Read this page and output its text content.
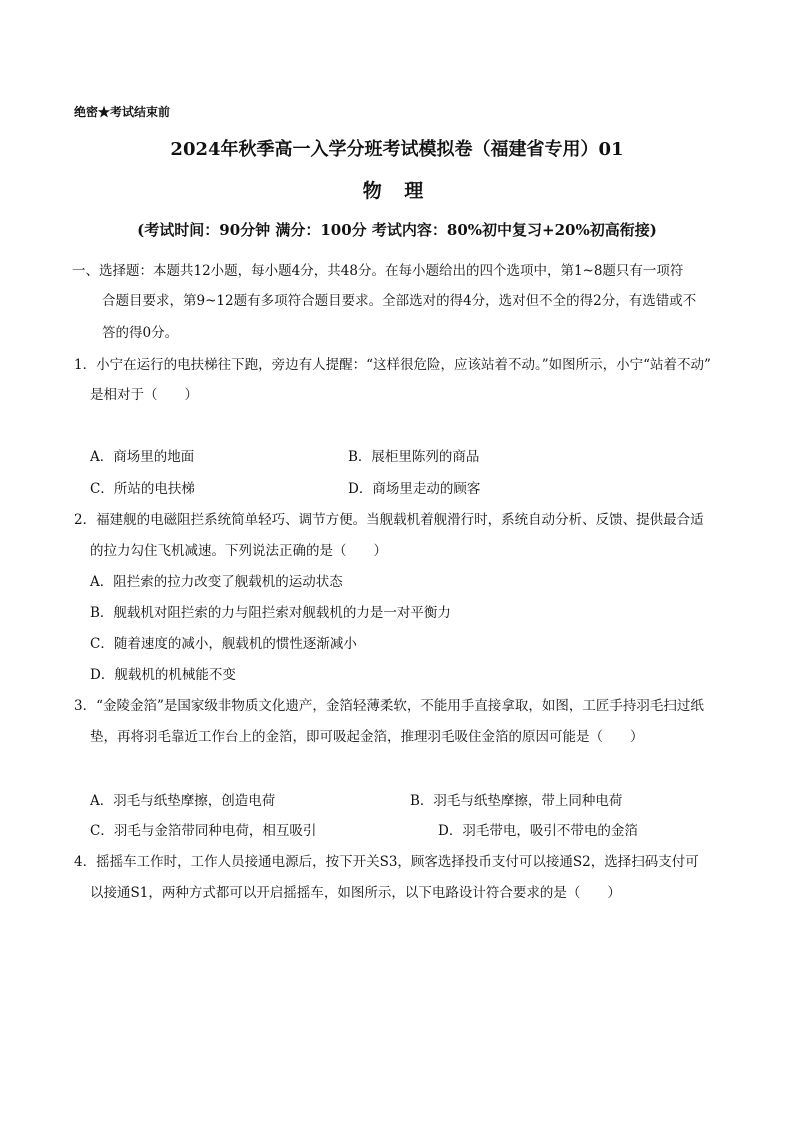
绝密★考试结束前
2024年秋季高一入学分班考试模拟卷（福建省专用）01
物 理
(考试时间：90分钟 满分：100分 考试内容：80%初中复习+20%初高衔接)
一、选择题：本题共12小题，每小题4分，共48分。在每小题给出的四个选项中，第1~8题只有一项符
合题目要求，第9~12题有多项符合题目要求。全部选对的得4分，选对但不全的得2分，有选错或不
答的得0分。
1．小宁在运行的电扶梯往下跑，旁边有人提醒：“这样很危险，应该站着不动。”如图所示，小宁“站着不动”
是相对于（　　）
A．商场里的地面	B．展柜里陈列的商品
C．所站的电扶梯	D．商场里走动的顾客
2．福建舰的电磁阻拦系统简单轻巧、调节方便。当舰载机着舰滑行时，系统自动分析、反馈、提供最合适
的拉力勾住飞机减速。下列说法正确的是（　　）
A．阻拦索的拉力改变了舰载机的运动状态
B．舰载机对阻拦索的力与阻拦索对舰载机的力是一对平衡力
C．随着速度的减小，舰载机的惯性逐渐减小
D．舰载机的机械能不变
3．“金陵金箔”是国家级非物质文化遗产，金箔轻薄柔软，不能用手直接拿取，如图，工匠手持羽毛扫过纸
垫，再将羽毛靠近工作台上的金箔，即可吸起金箔，推理羽毛吸住金箔的原因可能是（　　）
A．羽毛与纸垫摩擦，创造电荷	B．羽毛与纸垫摩擦，带上同种电荷
C．羽毛与金箔带同种电荷，相互吸引	D．羽毛带电，吸引不带电的金箔
4．摇摇车工作时，工作人员接通电源后，按下开关S3，顾客选择投币支付可以接通S2，选择扫码支付可
以接通S1，两种方式都可以开启摇摇车，如图所示，以下电路设计符合要求的是（　　）
